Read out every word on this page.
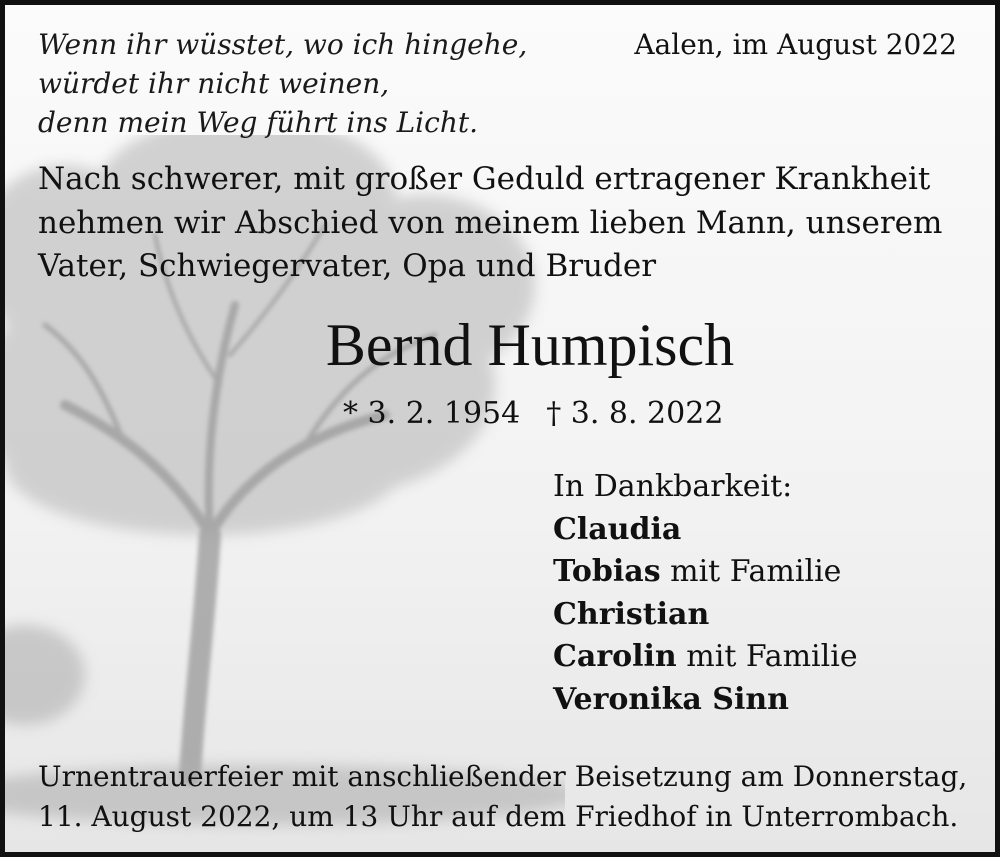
Wenn ihr wüsstet, wo ich hingehe,
würdet ihr nicht weinen,
denn mein Weg führt ins Licht.
Aalen, im August 2022
Nach schwerer, mit großer Geduld ertragener Krankheit
nehmen wir Abschied von meinem lieben Mann, unserem
Vater, Schwiegervater, Opa und Bruder
Bernd Humpisch
* 3. 2. 1954 † 3. 8. 2022
In Dankbarkeit:
Claudia
Tobias mit Familie
Christian
Carolin mit Familie
Veronika Sinn
Urnentrauerfeier mit anschließender Beisetzung am Donnerstag,
11. August 2022, um 13 Uhr auf dem Friedhof in Unterrombach.
